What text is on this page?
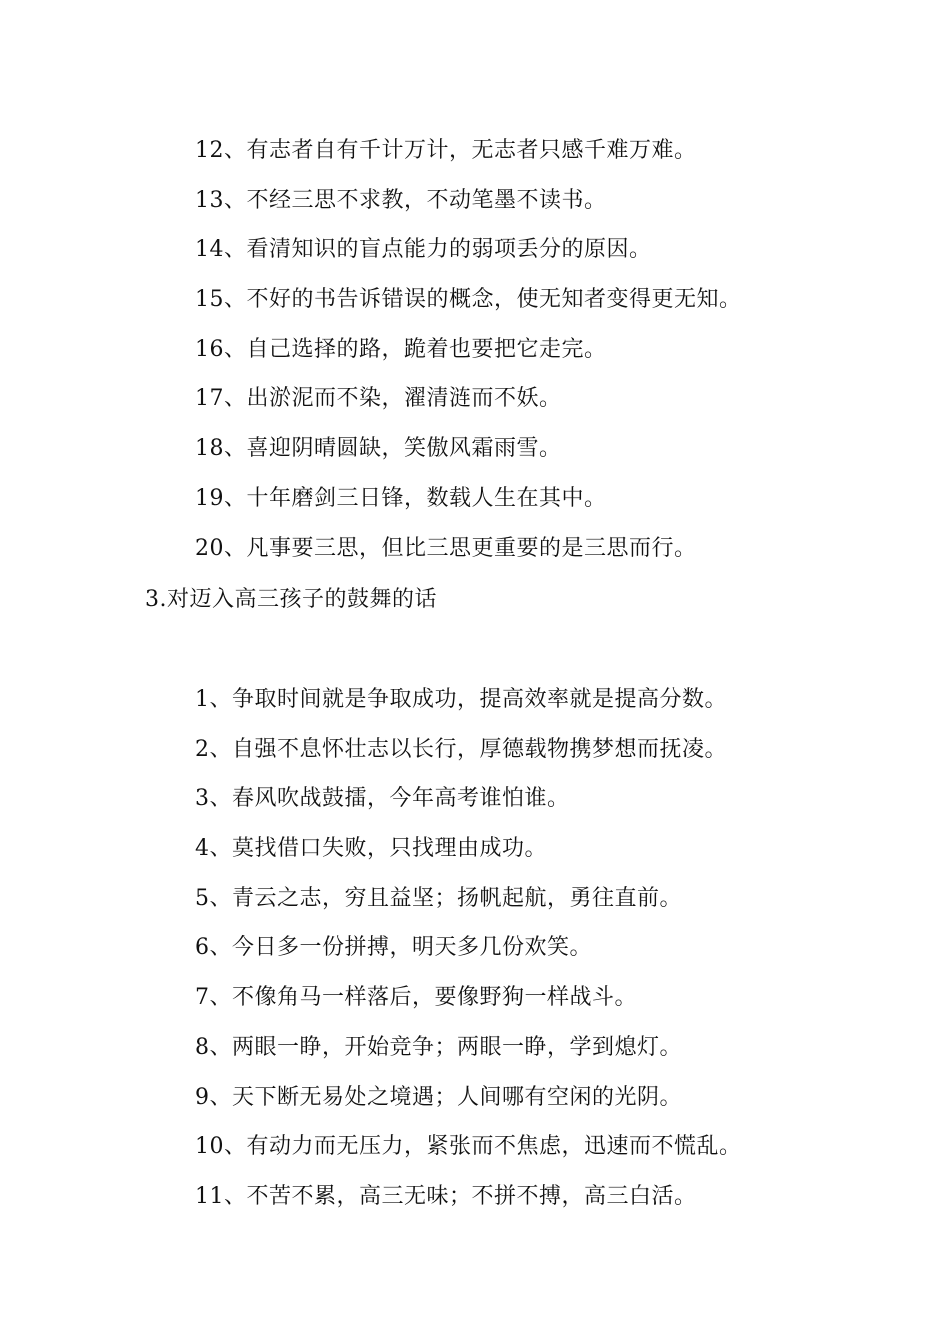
12、有志者自有千计万计，无志者只感千难万难。
13、不经三思不求教，不动笔墨不读书。
14、看清知识的盲点能力的弱项丢分的原因。
15、不好的书告诉错误的概念，使无知者变得更无知。
16、自己选择的路，跪着也要把它走完。
17、出淤泥而不染，濯清涟而不妖。
18、喜迎阴晴圆缺，笑傲风霜雨雪。
19、十年磨剑三日锋，数载人生在其中。
20、凡事要三思，但比三思更重要的是三思而行。
3.对迈入高三孩子的鼓舞的话
1、争取时间就是争取成功，提高效率就是提高分数。
2、自强不息怀壮志以长行，厚德载物携梦想而抚凌。
3、春风吹战鼓擂，今年高考谁怕谁。
4、莫找借口失败，只找理由成功。
5、青云之志，穷且益坚；扬帆起航，勇往直前。
6、今日多一份拼搏，明天多几份欢笑。
7、不像角马一样落后，要像野狗一样战斗。
8、两眼一睁，开始竞争；两眼一睁，学到熄灯。
9、天下断无易处之境遇；人间哪有空闲的光阴。
10、有动力而无压力，紧张而不焦虑，迅速而不慌乱。
11、不苦不累，高三无味；不拼不搏，高三白活。
